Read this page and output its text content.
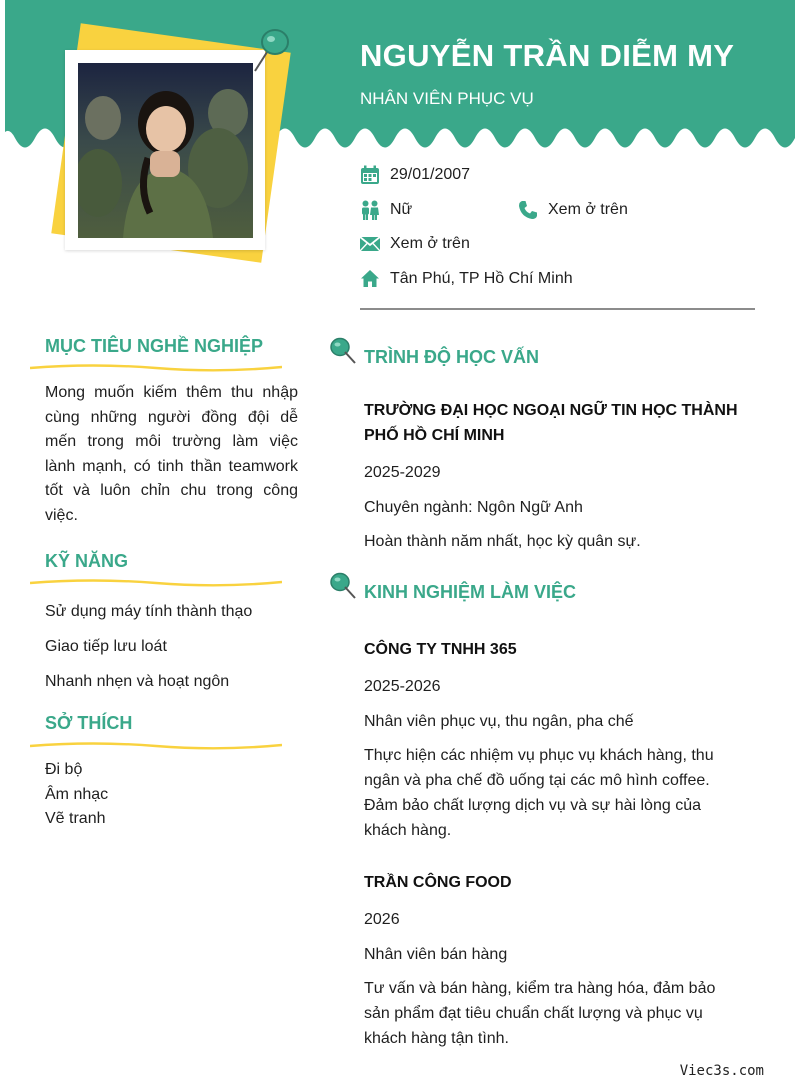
NGUYỄN TRẦN DIỄM MY
NHÂN VIÊN PHỤC VỤ
29/01/2007
Nữ	Xem ở trên
Xem ở trên
Tân Phú, TP Hồ Chí Minh
MỤC TIÊU NGHỀ NGHIỆP
Mong muốn kiếm thêm thu nhập cùng những người đồng đội dễ mến trong môi trường làm việc lành mạnh, có tinh thần teamwork tốt và luôn chỉn chu trong công việc.
KỸ NĂNG
Sử dụng máy tính thành thạo
Giao tiếp lưu loát
Nhanh nhẹn và hoạt ngôn
SỞ THÍCH
Đi bộ
Âm nhạc
Vẽ tranh
TRÌNH ĐỘ HỌC VẤN
TRƯỜNG ĐẠI HỌC NGOẠI NGỮ TIN HỌC THÀNH PHỐ HỒ CHÍ MINH
2025-2029
Chuyên ngành: Ngôn Ngữ Anh
Hoàn thành năm nhất, học kỳ quân sự.
KINH NGHIỆM LÀM VIỆC
CÔNG TY TNHH 365
2025-2026
Nhân viên phục vụ, thu ngân, pha chế
Thực hiện các nhiệm vụ phục vụ khách hàng, thu ngân và pha chế đồ uống tại các mô hình coffee. Đảm bảo chất lượng dịch vụ và sự hài lòng của khách hàng.
TRẦN CÔNG FOOD
2026
Nhân viên bán hàng
Tư vấn và bán hàng, kiểm tra hàng hóa, đảm bảo sản phẩm đạt tiêu chuẩn chất lượng và phục vụ khách hàng tận tình.
Viec3s.com
